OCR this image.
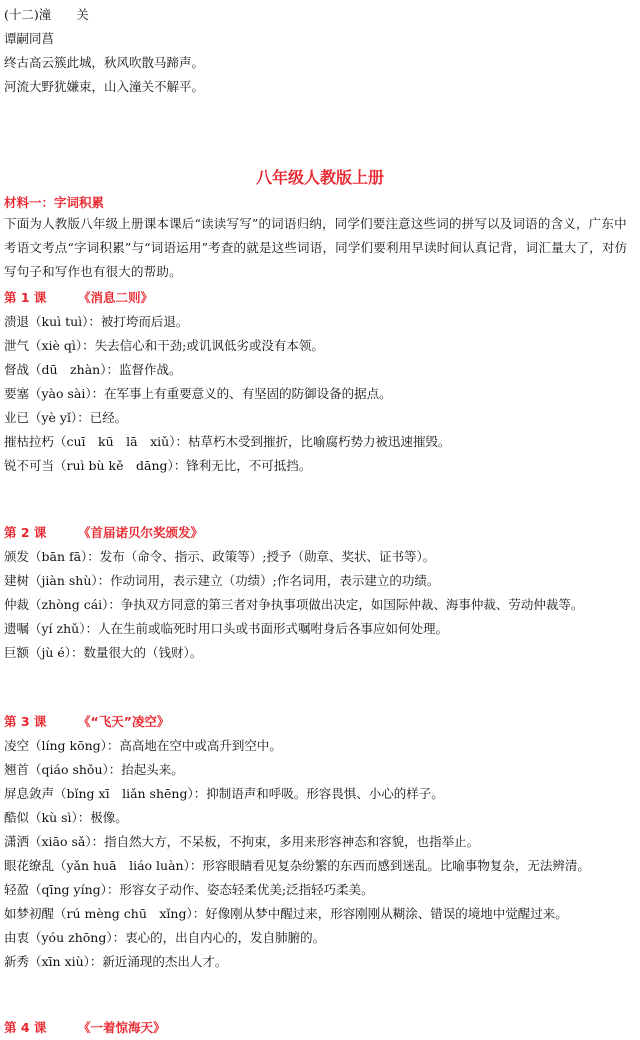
(十二)潼　　关
谭嗣同菖
终古高云簇此城，秋风吹散马蹄声。
河流大野犹嫌束，山入潼关不解平。
八年级人教版上册
材料一：字词积累
下面为人教版八年级上册课本课后“读读写写”的词语归纳，同学们要注意这些词的拼写以及词语的含义，广东中考语文考点“字词积累”与“词语运用”考查的就是这些词语，同学们要利用早读时间认真记背，词汇量大了，对仿写句子和写作也有很大的帮助。
第 1 课	《消息二则》
溃退（kuì tuì）：被打垮而后退。
泄气（xiè qì）：失去信心和干劲;或讥讽低劣或没有本领。
督战（dū　zhàn）：监督作战。
要塞（yào sài）：在军事上有重要意义的、有坚固的防御设备的据点。
业已（yè yǐ）：已经。
摧枯拉朽（cuī　kū　lā　xiǔ）：枯草朽木受到摧折，比喻腐朽势力被迅速摧毁。
锐不可当（ruì bù kě　dāng）：锋利无比，不可抵挡。
第 2 课	《首届诺贝尔奖颁发》
颁发（bān fā）：发布（命令、指示、政策等）;授予（勋章、奖状、证书等）。
建树（jiàn shù）：作动词用，表示建立（功绩）;作名词用，表示建立的功绩。
仲裁（zhòng cái）：争执双方同意的第三者对争执事项做出决定，如国际仲裁、海事仲裁、劳动仲裁等。
遗嘱（yí zhǔ）：人在生前或临死时用口头或书面形式嘱咐身后各事应如何处理。
巨额（jù é）：数量很大的（钱财）。
第 3 课	《“飞天”凌空》
凌空（líng kōng）：高高地在空中或高升到空中。
翘首（qiáo shǒu）：抬起头来。
屏息敛声（bǐng xī　liǎn shēng）：抑制语声和呼吸。形容畏惧、小心的样子。
酷似（kù sì）：极像。
潇洒（xiāo sǎ）：指自然大方，不呆板，不拘束，多用来形容神态和容貌，也指举止。
眼花缭乱（yǎn huā　liáo luàn）：形容眼睛看见复杂纷繁的东西而感到迷乱。比喻事物复杂，无法辨清。
轻盈（qīng yíng）：形容女子动作、姿态轻柔优美;泛指轻巧柔美。
如梦初醒（rú mèng chū　xǐng）：好像刚从梦中醒过来，形容刚刚从糊涂、错误的境地中觉醒过来。
由衷（yóu zhōng）：衷心的，出自内心的，发自肺腑的。
新秀（xīn xiù）：新近涌现的杰出人才。
第 4 课	《一着惊海天》
